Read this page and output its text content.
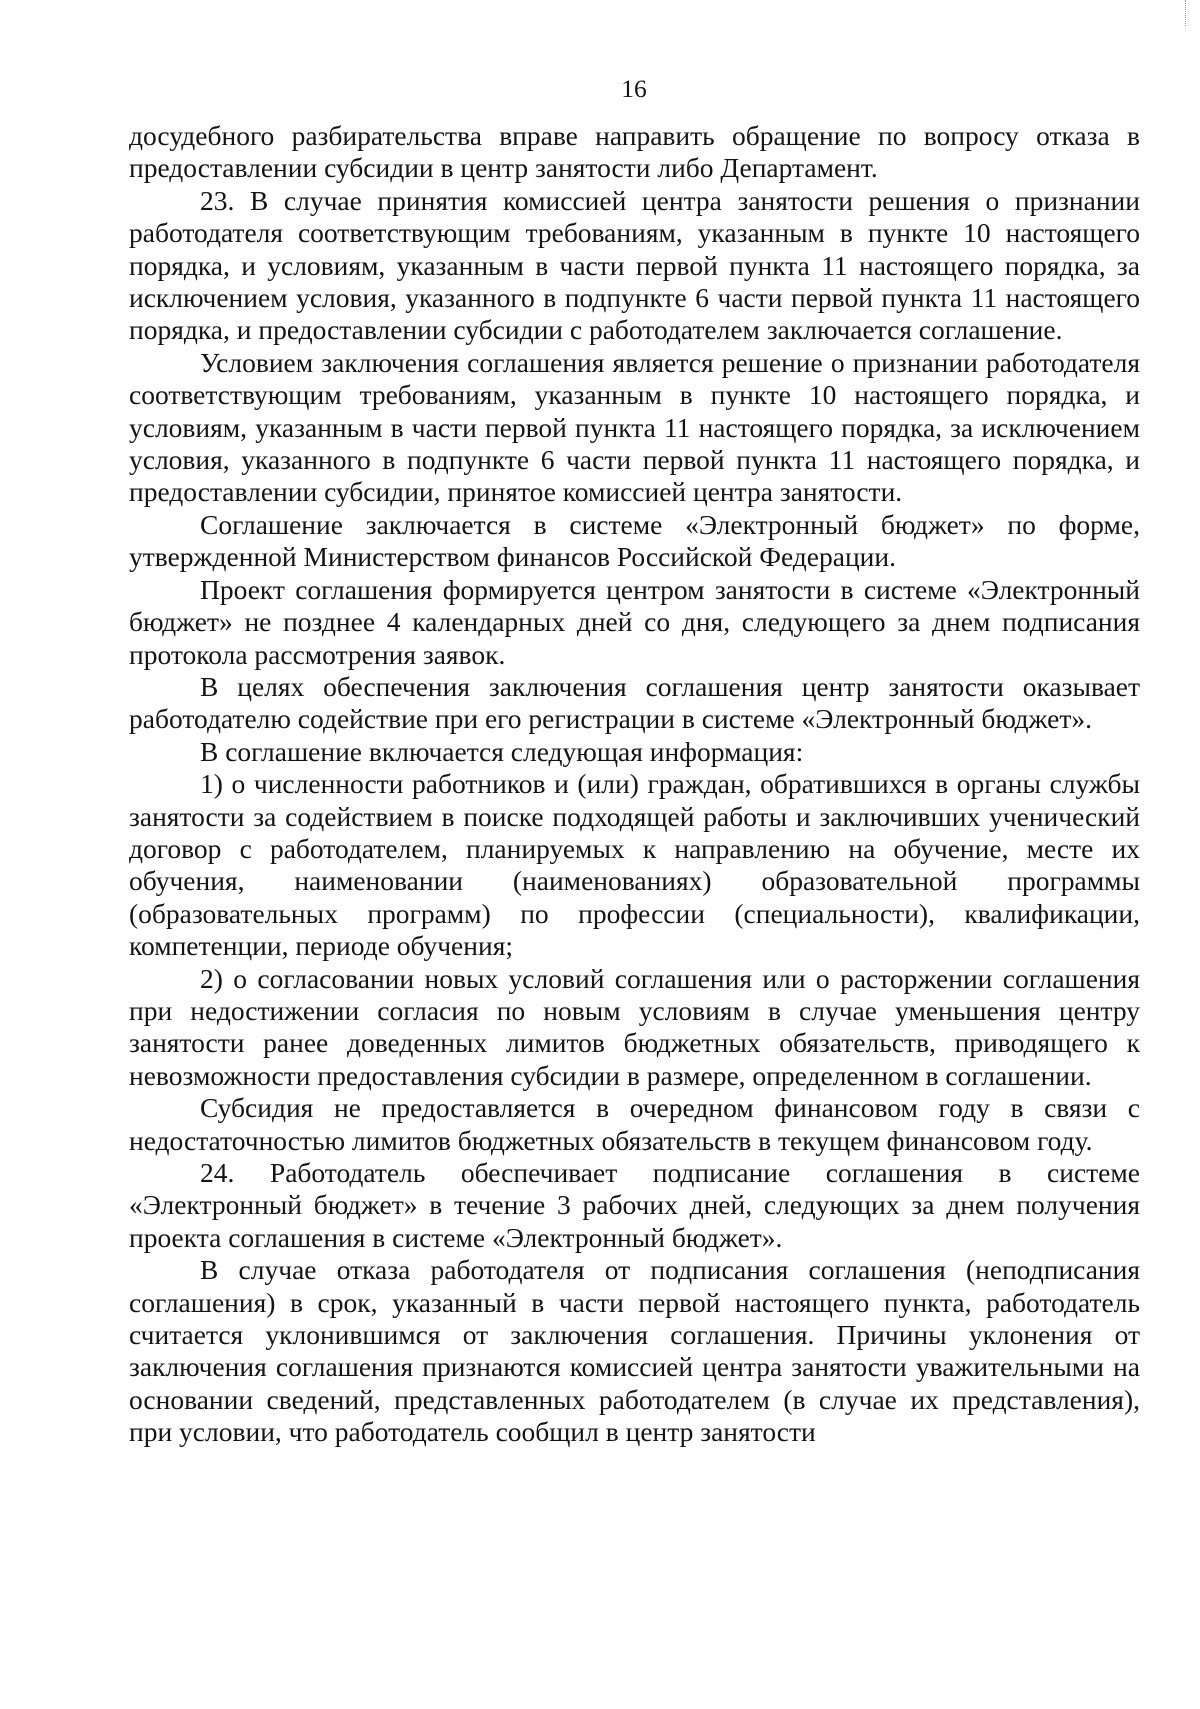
16

досудебного разбирательства вправе направить обращение по вопросу отказа в предоставлении субсидии в центр занятости либо Департамент.

23. В случае принятия комиссией центра занятости решения о признании работодателя соответствующим требованиям, указанным в пункте 10 настоящего порядка, и условиям, указанным в части первой пункта 11 настоящего порядка, за исключением условия, указанного в подпункте 6 части первой пункта 11 настоящего порядка, и предоставлении субсидии с работодателем заключается соглашение.

Условием заключения соглашения является решение о признании работодателя соответствующим требованиям, указанным в пункте 10 настоящего порядка, и условиям, указанным в части первой пункта 11 настоящего порядка, за исключением условия, указанного в подпункте 6 части первой пункта 11 настоящего порядка, и предоставлении субсидии, принятое комиссией центра занятости.

Соглашение заключается в системе «Электронный бюджет» по форме, утвержденной Министерством финансов Российской Федерации.

Проект соглашения формируется центром занятости в системе «Электронный бюджет» не позднее 4 календарных дней со дня, следующего за днем подписания протокола рассмотрения заявок.

В целях обеспечения заключения соглашения центр занятости оказывает работодателю содействие при его регистрации в системе «Электронный бюджет».

В соглашение включается следующая информация:

1) о численности работников и (или) граждан, обратившихся в органы службы занятости за содействием в поиске подходящей работы и заключивших ученический договор с работодателем, планируемых к направлению на обучение, месте их обучения, наименовании (наименованиях) образовательной программы (образовательных программ) по профессии (специальности), квалификации, компетенции, периоде обучения;

2) о согласовании новых условий соглашения или о расторжении соглашения при недостижении согласия по новым условиям в случае уменьшения центру занятости ранее доведенных лимитов бюджетных обязательств, приводящего к невозможности предоставления субсидии в размере, определенном в соглашении.

Субсидия не предоставляется в очередном финансовом году в связи с недостаточностью лимитов бюджетных обязательств в текущем финансовом году.

24. Работодатель обеспечивает подписание соглашения в системе «Электронный бюджет» в течение 3 рабочих дней, следующих за днем получения проекта соглашения в системе «Электронный бюджет».

В случае отказа работодателя от подписания соглашения (неподписания соглашения) в срок, указанный в части первой настоящего пункта, работодатель считается уклонившимся от заключения соглашения. Причины уклонения от заключения соглашения признаются комиссией центра занятости уважительными на основании сведений, представленных работодателем (в случае их представления), при условии, что работодатель сообщил в центр занятости
